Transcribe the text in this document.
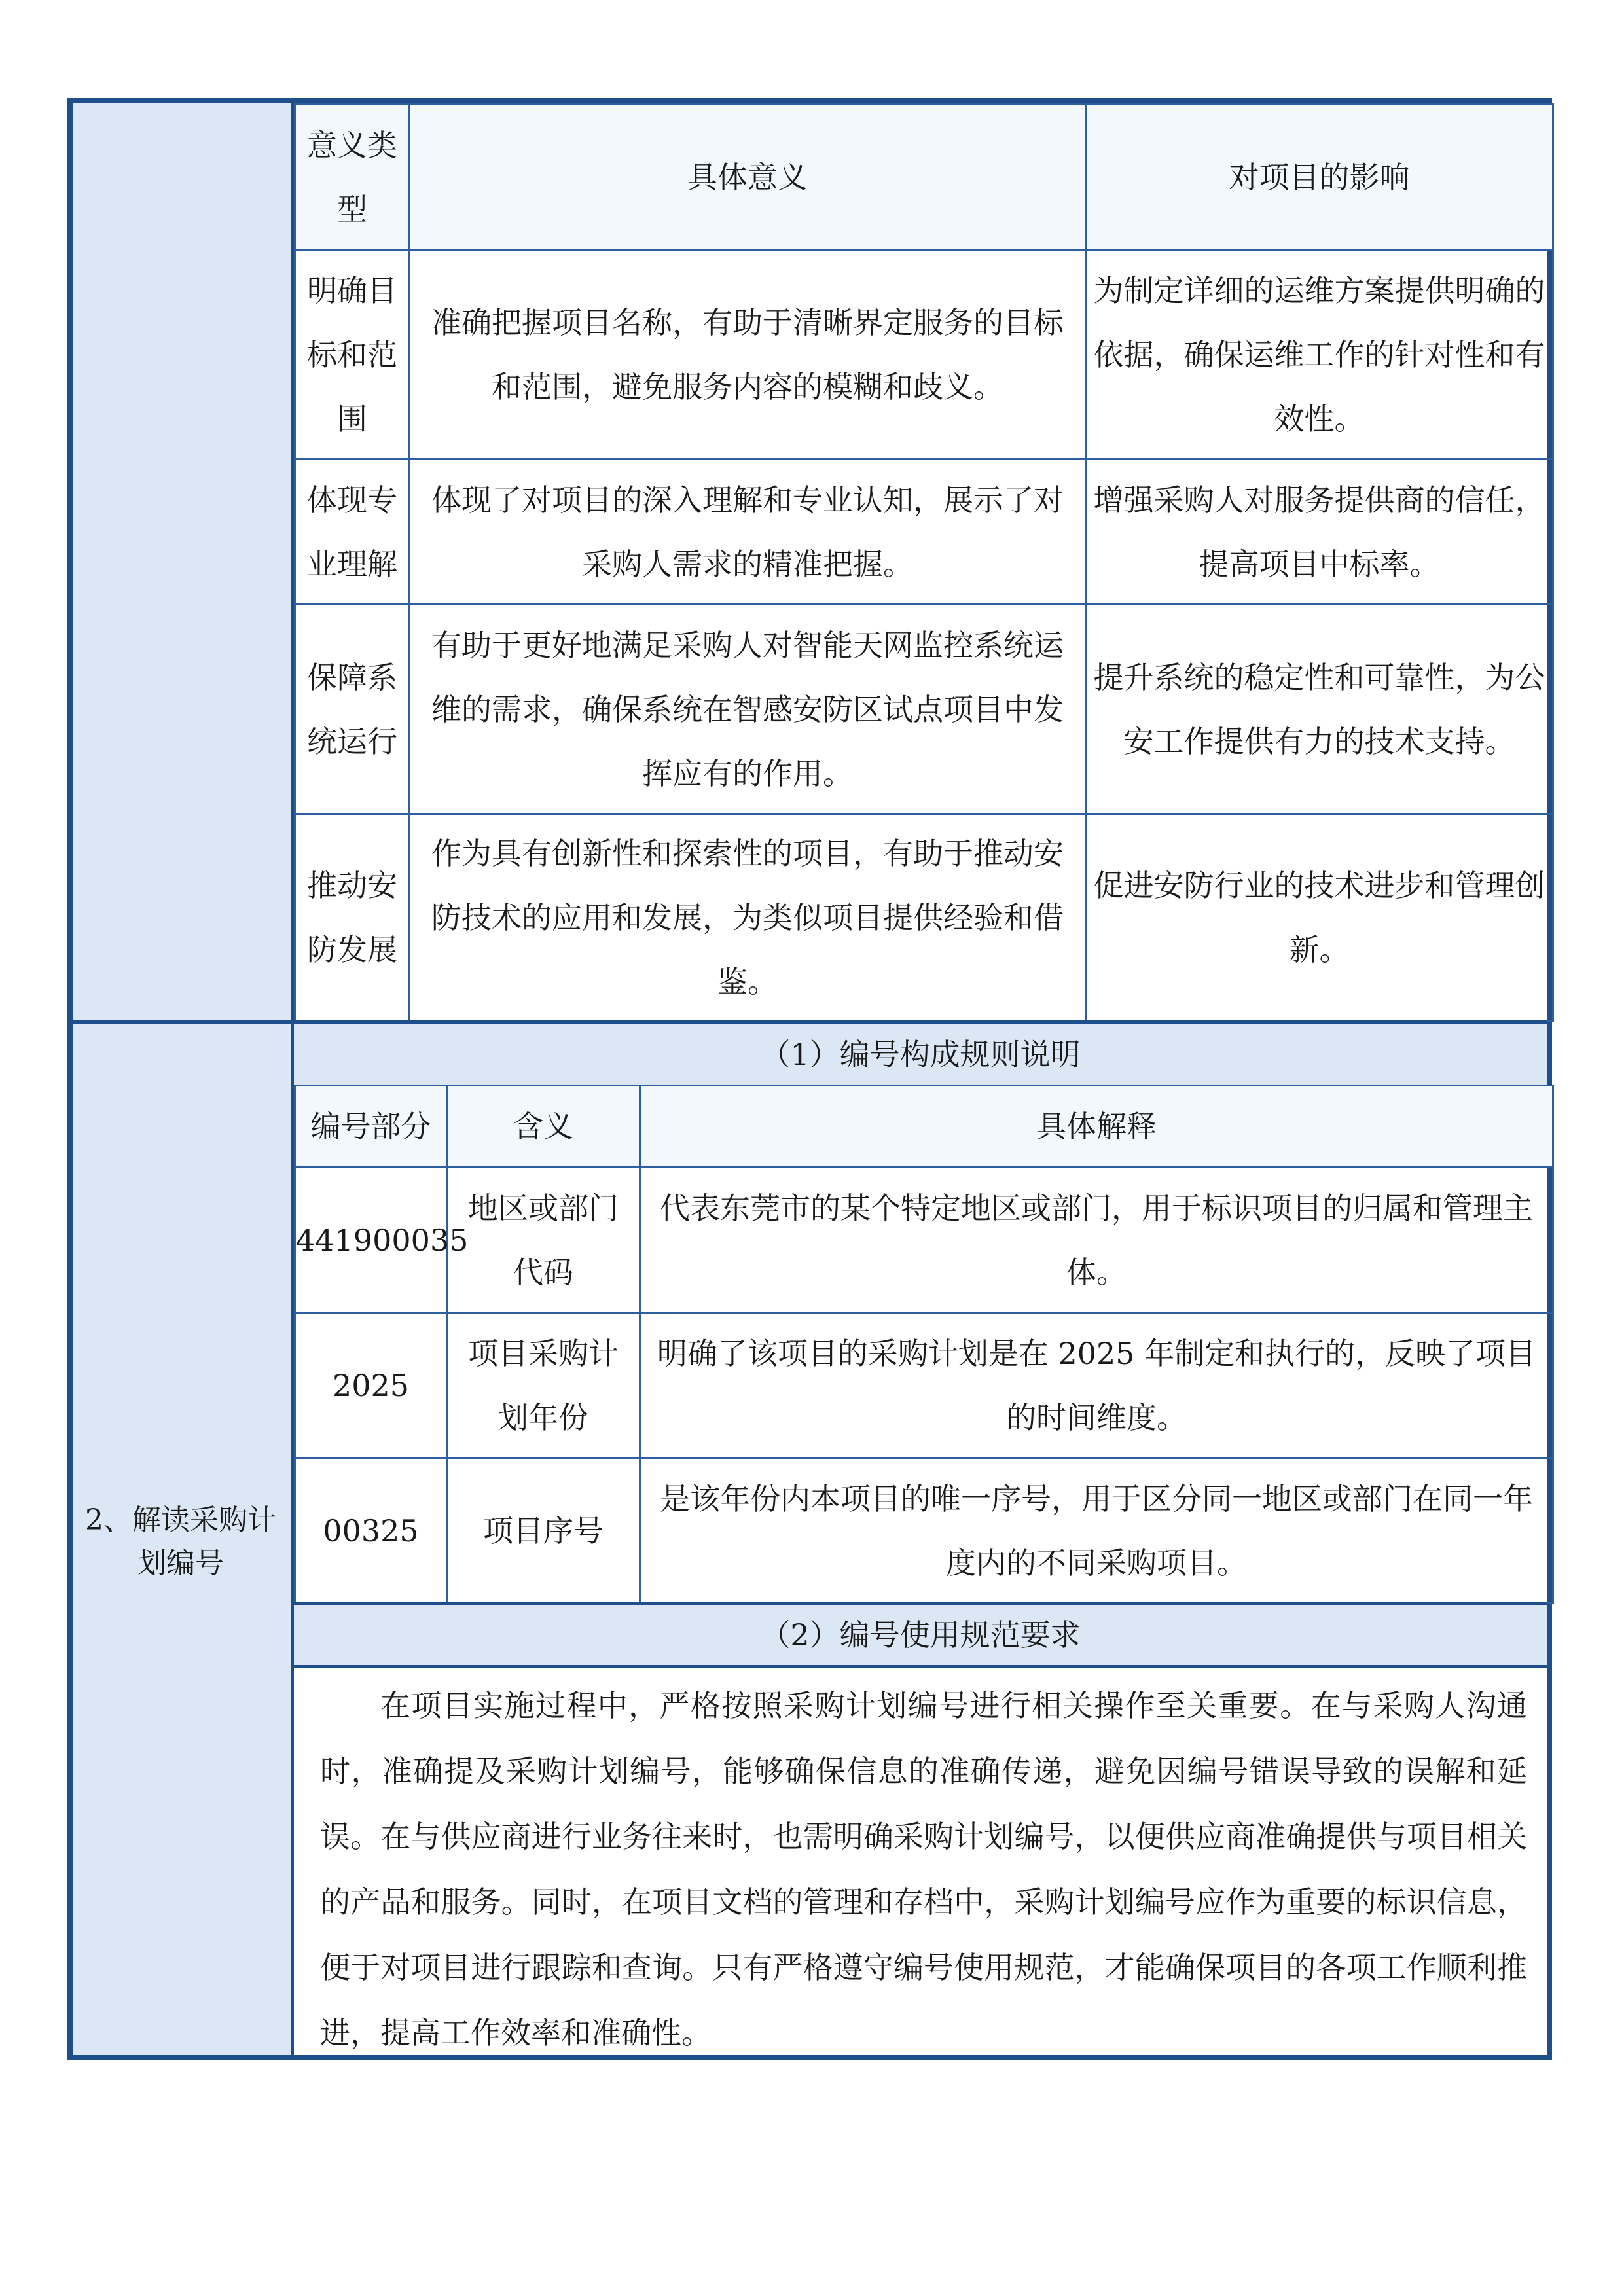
2、解读采购计划编号
意义类型	具体意义	对项目的影响
明确目标和范围	准确把握项目名称，有助于清晰界定服务的目标和范围，避免服务内容的模糊和歧义。	为制定详细的运维方案提供明确的依据，确保运维工作的针对性和有效性。
体现专业理解	体现了对项目的深入理解和专业认知，展示了对采购人需求的精准把握。	增强采购人对服务提供商的信任，提高项目中标率。
保障系统运行	有助于更好地满足采购人对智能天网监控系统运维的需求，确保系统在智感安防区试点项目中发挥应有的作用。	提升系统的稳定性和可靠性，为公安工作提供有力的技术支持。
推动安防发展	作为具有创新性和探索性的项目，有助于推动安防技术的应用和发展，为类似项目提供经验和借鉴。	促进安防行业的技术进步和管理创新。
（1）编号构成规则说明
编号部分	含义	具体解释
441900035	地区或部门代码	代表东莞市的某个特定地区或部门，用于标识项目的归属和管理主体。
2025	项目采购计划年份	明确了该项目的采购计划是在 2025 年制定和执行的，反映了项目的时间维度。
00325	项目序号	是该年份内本项目的唯一序号，用于区分同一地区或部门在同一年度内的不同采购项目。
（2）编号使用规范要求
在项目实施过程中，严格按照采购计划编号进行相关操作至关重要。在与采购人沟通时，准确提及采购计划编号，能够确保信息的准确传递，避免因编号错误导致的误解和延误。在与供应商进行业务往来时，也需明确采购计划编号，以便供应商准确提供与项目相关的产品和服务。同时，在项目文档的管理和存档中，采购计划编号应作为重要的标识信息，便于对项目进行跟踪和查询。只有严格遵守编号使用规范，才能确保项目的各项工作顺利推进，提高工作效率和准确性。
